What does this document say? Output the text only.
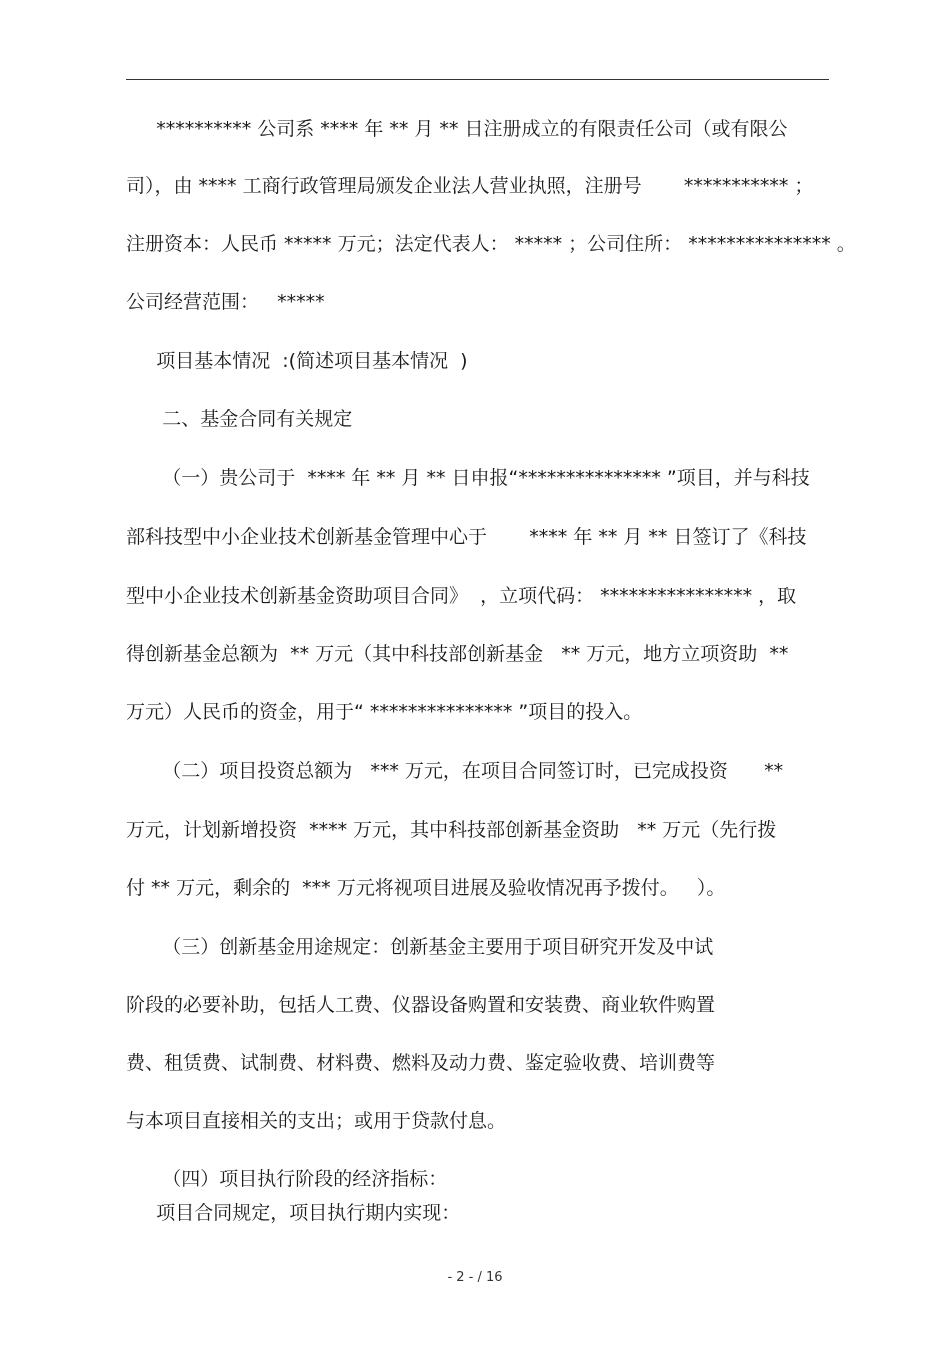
********** 公司系 **** 年 ** 月 ** 日注册成立的有限责任公司（或有限公
司），由 **** 工商行政管理局颁发企业法人营业执照，注册号       *********** ；
注册资本：人民币 ***** 万元；法定代表人： ***** ；公司住所： *************** 。
公司经营范围：   *****
项目基本情况  :(简述项目基本情况  )
二、基金合同有关规定
（一）贵公司于  **** 年 ** 月 ** 日申报“*************** ”项目，并与科技
部科技型中小企业技术创新基金管理中心于       **** 年 ** 月 ** 日签订了《科技
型中小企业技术创新基金资助项目合同》  ，立项代码： **************** ，取
得创新基金总额为  ** 万元（其中科技部创新基金   ** 万元，地方立项资助  **
万元）人民币的资金，用于“ *************** ”项目的投入。
（二）项目投资总额为   *** 万元，在项目合同签订时，已完成投资      **
万元，计划新增投资  **** 万元，其中科技部创新基金资助   ** 万元（先行拨
付 ** 万元，剩余的  *** 万元将视项目进展及验收情况再予拨付。   ）。
（三）创新基金用途规定：创新基金主要用于项目研究开发及中试
阶段的必要补助，包括人工费、仪器设备购置和安装费、商业软件购置
费、租赁费、试制费、材料费、燃料及动力费、鉴定验收费、培训费等
与本项目直接相关的支出；或用于贷款付息。
（四）项目执行阶段的经济指标：
项目合同规定，项目执行期内实现：
- 2 - / 16
